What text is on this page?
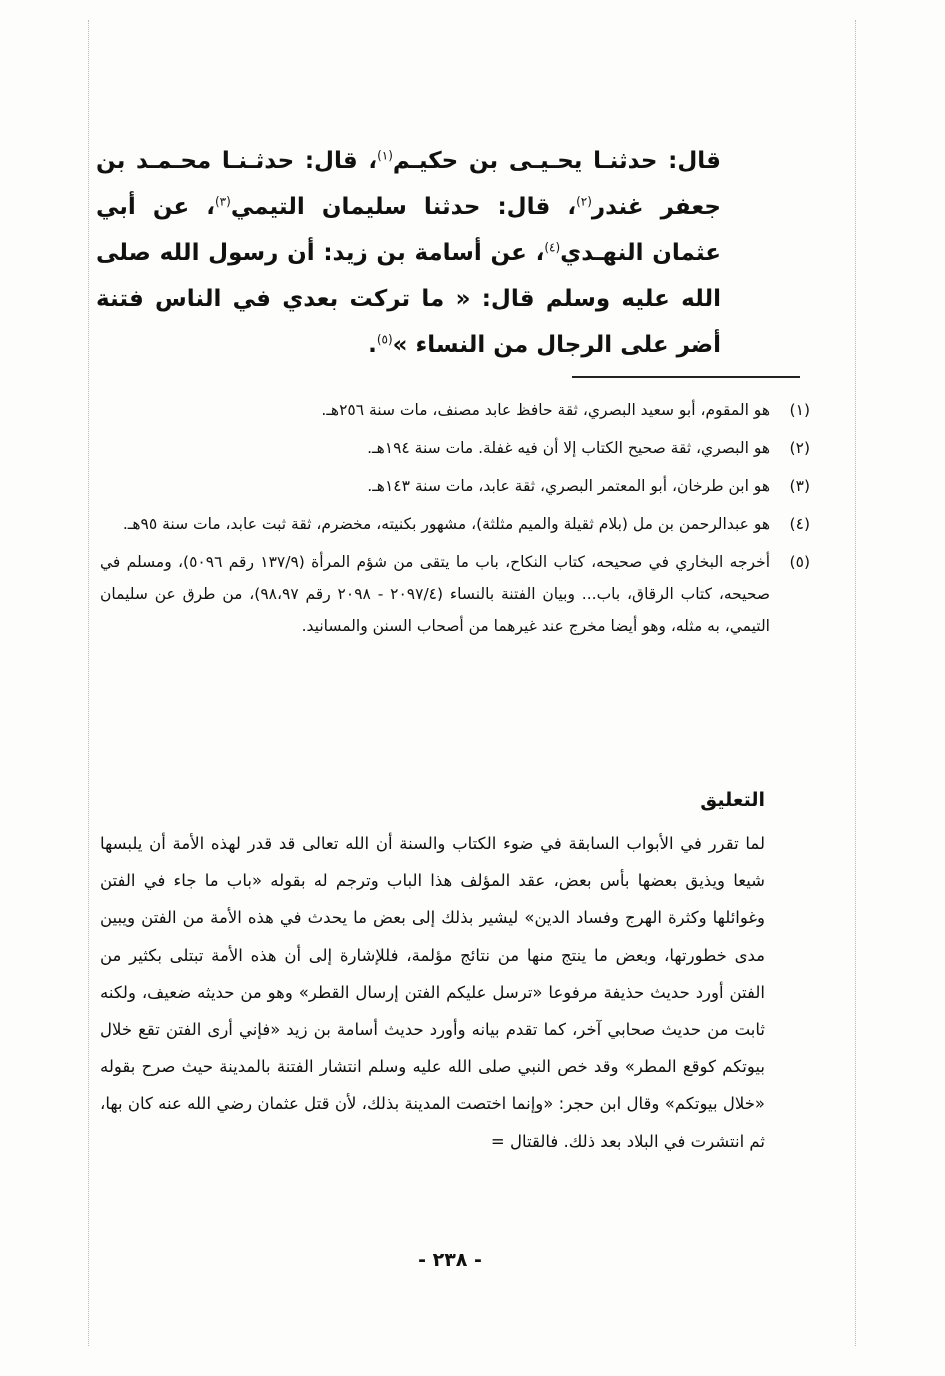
قال: حدثنـا يحـيـى بن حكيـم$^{(١)}$، قال: حدثـنـا محـمـد بن جعفر غندر$^{(٢)}$، قال: حدثنا سليمان التيمي$^{(٣)}$، عن أبي عثمان النهـدي$^{(٤)}$، عن أسامة بن زيد: أن رسول الله صلى الله عليه وسلم قال: « ما تركت بعدي في الناس فتنة أضر على الرجال من النساء »$^{(٥)}$.

(١)
هو المقوم، أبو سعيد البصري، ثقة حافظ عابد مصنف، مات سنة ٢٥٦هـ.
(٢)
هو البصري، ثقة صحيح الكتاب إلا أن فيه غفلة. مات سنة ١٩٤هـ.
(٣)
هو ابن طرخان، أبو المعتمر البصري، ثقة عابد، مات سنة ١٤٣هـ.
(٤)
هو عبدالرحمن بن مل (بلام ثقيلة والميم مثلثة)، مشهور بكنيته، مخضرم، ثقة ثبت عابد، مات سنة ٩٥هـ.
(٥)
أخرجه البخاري في صحيحه، كتاب النكاح، باب ما يتقى من شؤم المرأة (١٣٧/٩ رقم ٥٠٩٦)، ومسلم في صحيحه، كتاب الرقاق، باب... وبيان الفتنة بالنساء (٢٠٩٧/٤ - ٢٠٩٨ رقم ٩٨،٩٧)، من طرق عن سليمان التيمي، به مثله، وهو أيضا مخرج عند غيرهما من أصحاب السنن والمسانيد.
التعليق

لما تقرر في الأبواب السابقة في ضوء الكتاب والسنة أن الله تعالى قد قدر لهذه الأمة أن يلبسها شيعا ويذيق بعضها بأس بعض، عقد المؤلف هذا الباب وترجم له بقوله «باب ما جاء في الفتن وغوائلها وكثرة الهرج وفساد الدين» ليشير بذلك إلى بعض ما يحدث في هذه الأمة من الفتن ويبين مدى خطورتها، وبعض ما ينتج منها من نتائج مؤلمة، فللإشارة إلى أن هذه الأمة تبتلى بكثير من الفتن أورد حديث حذيفة مرفوعا «ترسل عليكم الفتن إرسال القطر» وهو من حديثه ضعيف، ولكنه ثابت من حديث صحابي آخر، كما تقدم بيانه وأورد حديث أسامة بن زيد «فإني أرى الفتن تقع خلال بيوتكم كوقع المطر» وقد خص النبي صلى الله عليه وسلم انتشار الفتنة بالمدينة حيث صرح بقوله «خلال بيوتكم» وقال ابن حجر: «وإنما اختصت المدينة بذلك، لأن قتل عثمان رضي الله عنه كان بها، ثم انتشرت في البلاد بعد ذلك. فالقتال =

- ٢٣٨ -
